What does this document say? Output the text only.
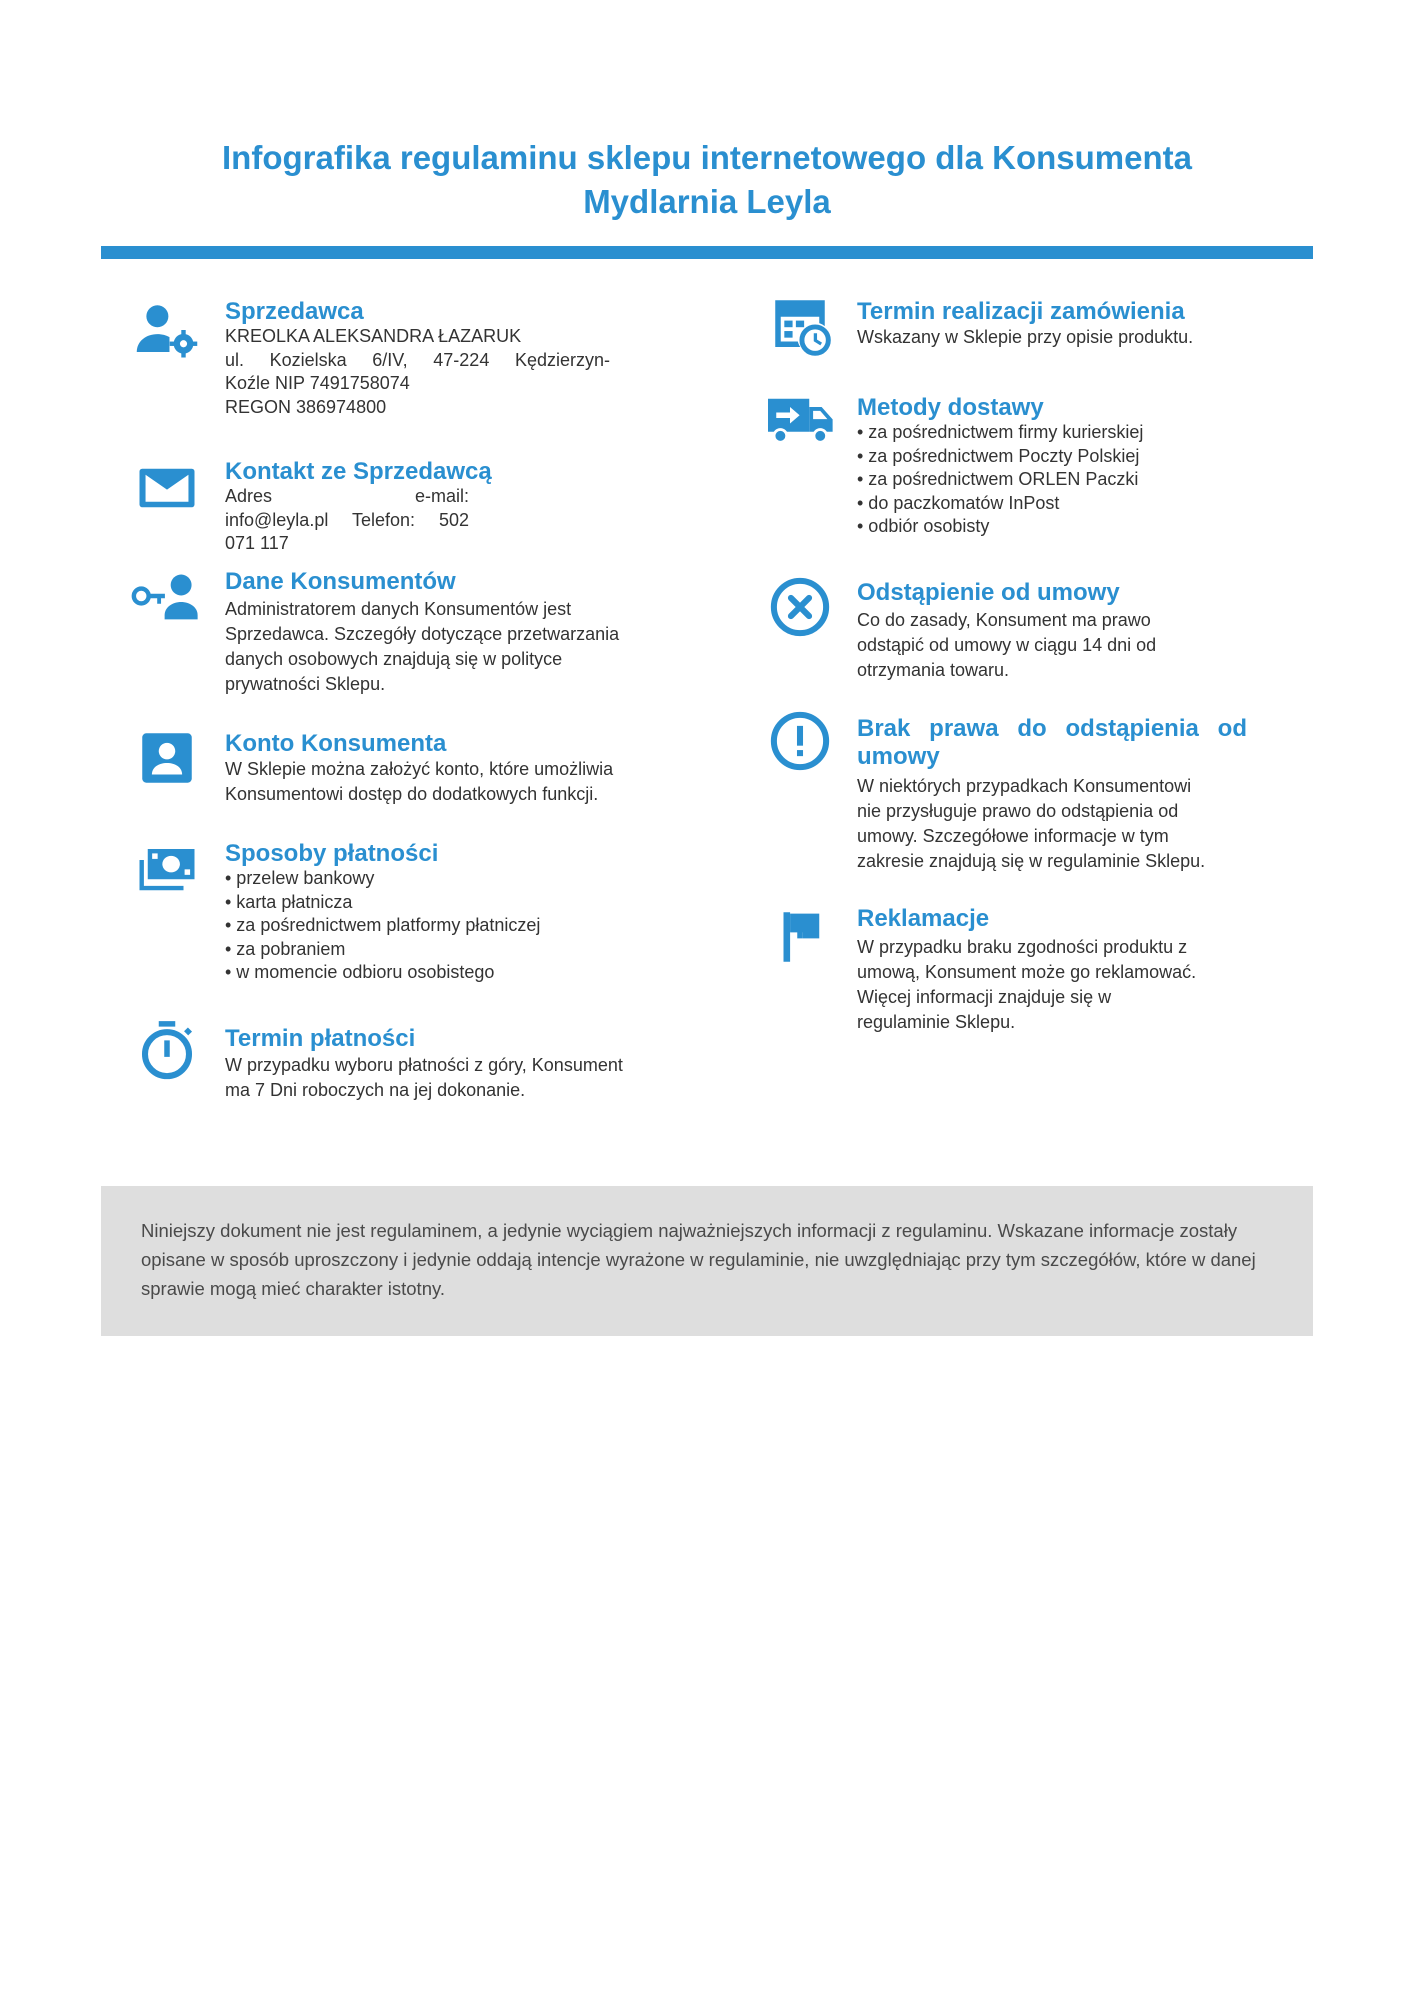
Infografika regulaminu sklepu internetowego dla Konsumenta
Mydlarnia Leyla
Sprzedawca
KREOLKA ALEKSANDRA ŁAZARUK
ul. Kozielska 6/IV, 47-224 Kędzierzyn-
Koźle NIP 7491758074
REGON 386974800
Kontakt ze Sprzedawcą
Adres e-mail:
info@leyla.pl Telefon: 502
071 117
Dane Konsumentów
Administratorem danych Konsumentów jest
Sprzedawca. Szczegóły dotyczące przetwarzania
danych osobowych znajdują się w polityce
prywatności Sklepu.
Konto Konsumenta
W Sklepie można założyć konto, które umożliwia
Konsumentowi dostęp do dodatkowych funkcji.
Sposoby płatności
• przelew bankowy
• karta płatnicza
• za pośrednictwem platformy płatniczej
• za pobraniem
• w momencie odbioru osobistego
Termin płatności
W przypadku wyboru płatności z góry, Konsument
ma 7 Dni roboczych na jej dokonanie.
Termin realizacji zamówienia
Wskazany w Sklepie przy opisie produktu.
Metody dostawy
• za pośrednictwem firmy kurierskiej
• za pośrednictwem Poczty Polskiej
• za pośrednictwem ORLEN Paczki
• do paczkomatów InPost
• odbiór osobisty
Odstąpienie od umowy
Co do zasady, Konsument ma prawo
odstąpić od umowy w ciągu 14 dni od
otrzymania towaru.
Brak prawa do odstąpienia od
umowy
W niektórych przypadkach Konsumentowi
nie przysługuje prawo do odstąpienia od
umowy. Szczegółowe informacje w tym
zakresie znajdują się w regulaminie Sklepu.
Reklamacje
W przypadku braku zgodności produktu z
umową, Konsument może go reklamować.
Więcej informacji znajduje się w
regulaminie Sklepu.
Niniejszy dokument nie jest regulaminem, a jedynie wyciągiem najważniejszych informacji z regulaminu. Wskazane informacje zostały opisane w sposób uproszczony i jedynie oddają intencje wyrażone w regulaminie, nie uwzględniając przy tym szczegółów, które w danej sprawie mogą mieć charakter istotny.
